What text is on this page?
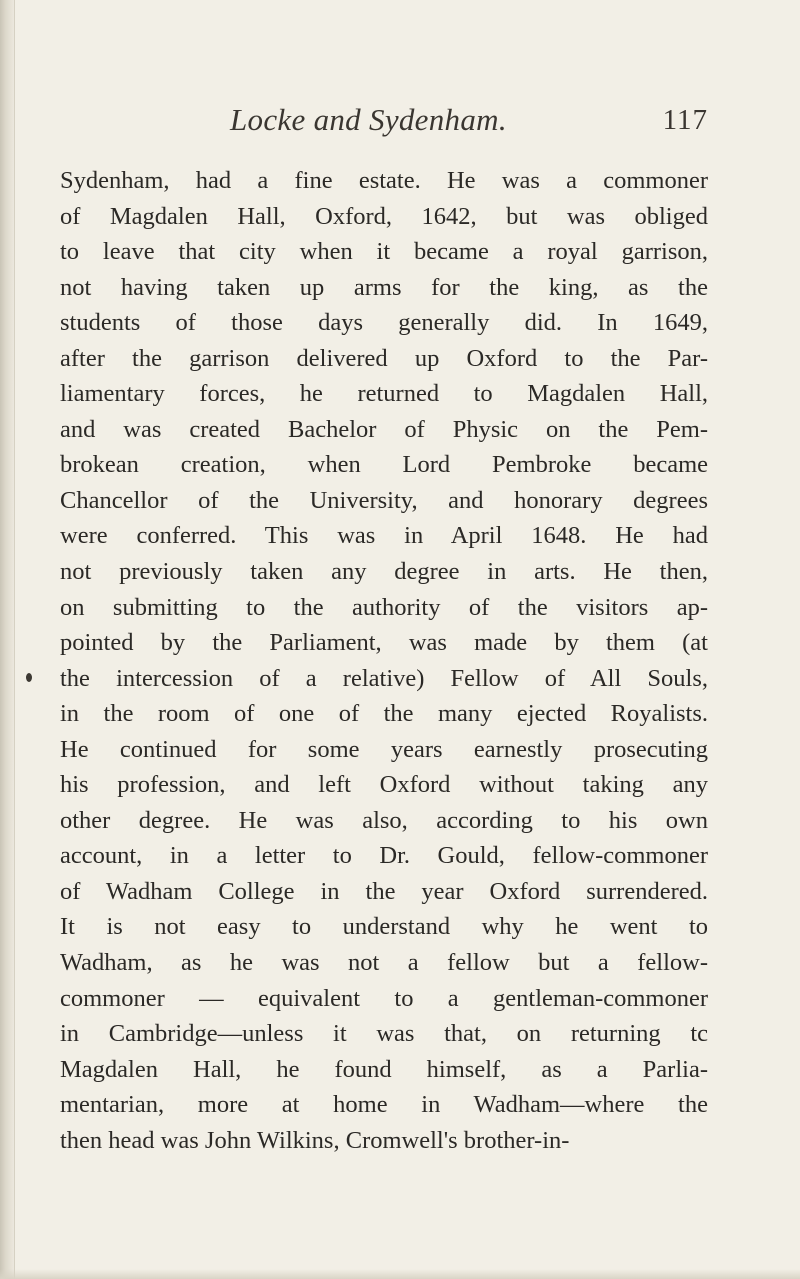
Locke and Sydenham.	117
Sydenham, had a fine estate. He was a commoner
of Magdalen Hall, Oxford, 1642, but was obliged
to leave that city when it became a royal garrison,
not having taken up arms for the king, as the
students of those days generally did. In 1649,
after the garrison delivered up Oxford to the Par-
liamentary forces, he returned to Magdalen Hall,
and was created Bachelor of Physic on the Pem-
brokean creation, when Lord Pembroke became
Chancellor of the University, and honorary degrees
were conferred. This was in April 1648. He had
not previously taken any degree in arts. He then,
on submitting to the authority of the visitors ap-
pointed by the Parliament, was made by them (at
the intercession of a relative) Fellow of All Souls,
in the room of one of the many ejected Royalists.
He continued for some years earnestly prosecuting
his profession, and left Oxford without taking any
other degree. He was also, according to his own
account, in a letter to Dr. Gould, fellow-commoner
of Wadham College in the year Oxford surrendered.
It is not easy to understand why he went to
Wadham, as he was not a fellow but a fellow-
commoner — equivalent to a gentleman-commoner
in Cambridge—unless it was that, on returning tc
Magdalen Hall, he found himself, as a Parlia-
mentarian, more at home in Wadham—where the
then head was John Wilkins, Cromwell's brother-in-
